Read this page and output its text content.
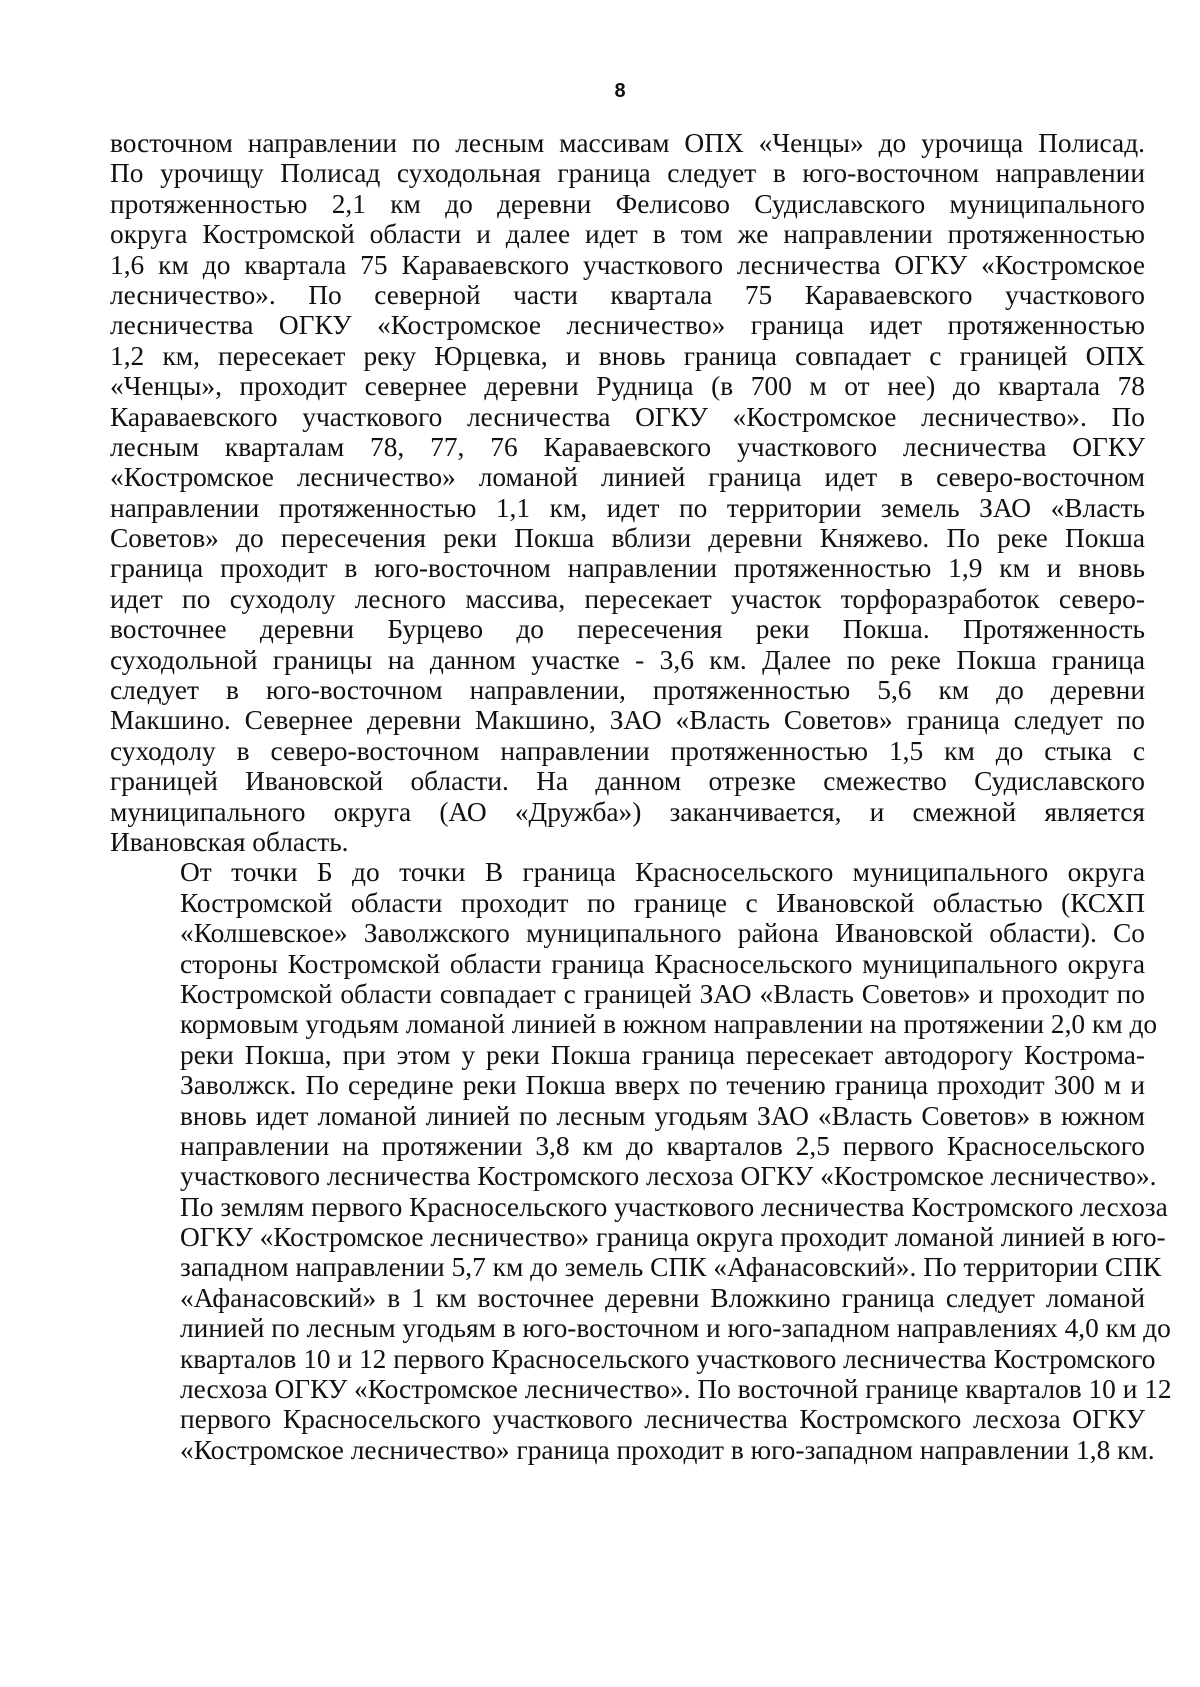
8

восточном направлении по лесным массивам ОПХ «Ченцы» до урочища Полисад.
По урочищу Полисад суходольная граница следует в юго-восточном направлении
протяженностью 2,1 км до деревни Фелисово Судиславского муниципального
округа Костромской области и далее идет в том же направлении протяженностью
1,6 км до квартала 75 Караваевского участкового лесничества ОГКУ «Костромское
лесничество». По северной части квартала 75 Караваевского участкового
лесничества ОГКУ «Костромское лесничество» граница идет протяженностью
1,2 км, пересекает реку Юрцевка, и вновь граница совпадает с границей ОПХ
«Ченцы», проходит севернее деревни Рудница (в 700 м от нее) до квартала 78
Караваевского участкового лесничества ОГКУ «Костромское лесничество». По
лесным кварталам 78, 77, 76 Караваевского участкового лесничества ОГКУ
«Костромское лесничество» ломаной линией граница идет в северо-восточном
направлении протяженностью 1,1 км, идет по территории земель ЗАО «Власть
Советов» до пересечения реки Покша вблизи деревни Княжево. По реке Покша
граница проходит в юго-восточном направлении протяженностью 1,9 км и вновь
идет по суходолу лесного массива, пересекает участок торфоразработок северо-
восточнее деревни Бурцево до пересечения реки Покша. Протяженность
суходольной границы на данном участке - 3,6 км. Далее по реке Покша граница
следует в юго-восточном направлении, протяженностью 5,6 км до деревни
Макшино. Севернее деревни Макшино, ЗАО «Власть Советов» граница следует по
суходолу в северо-восточном направлении протяженностью 1,5 км до стыка с
границей Ивановской области. На данном отрезке смежество Судиславского
муниципального округа (АО «Дружба») заканчивается, и смежной является
Ивановская область.

От точки Б до точки В граница Красносельского муниципального округа
Костромской области проходит по границе с Ивановской областью (КСХП
«Колшевское» Заволжского муниципального района Ивановской области). Со
стороны Костромской области граница Красносельского муниципального округа
Костромской области совпадает с границей ЗАО «Власть Советов» и проходит по
кормовым угодьям ломаной линией в южном направлении на протяжении 2,0 км до
реки Покша, при этом у реки Покша граница пересекает автодорогу Кострома-
Заволжск. По середине реки Покша вверх по течению граница проходит 300 м и
вновь идет ломаной линией по лесным угодьям ЗАО «Власть Советов» в южном
направлении на протяжении 3,8 км до кварталов 2,5 первого Красносельского
участкового лесничества Костромского лесхоза ОГКУ «Костромское лесничество».
По землям первого Красносельского участкового лесничества Костромского лесхоза
ОГКУ «Костромское лесничество» граница округа проходит ломаной линией в юго-
западном направлении 5,7 км до земель СПК «Афанасовский». По территории СПК
«Афанасовский» в 1 км восточнее деревни Вложкино граница следует ломаной
линией по лесным угодьям в юго-восточном и юго-западном направлениях 4,0 км до
кварталов 10 и 12 первого Красносельского участкового лесничества Костромского
лесхоза ОГКУ «Костромское лесничество». По восточной границе кварталов 10 и 12
первого Красносельского участкового лесничества Костромского лесхоза ОГКУ
«Костромское лесничество» граница проходит в юго-западном направлении 1,8 км.
